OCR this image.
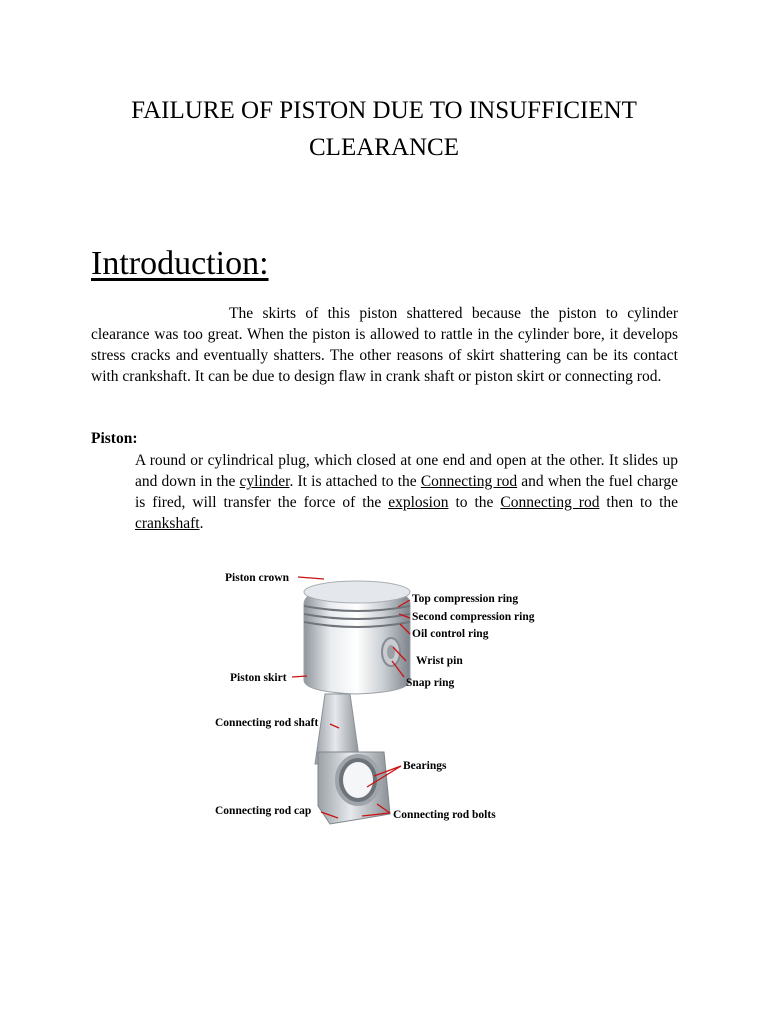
FAILURE OF PISTON DUE TO INSUFFICIENT
CLEARANCE
Introduction:

The skirts of this piston shattered because the piston to cylinder clearance was too great. When the piston is allowed to rattle in the cylinder bore, it develops stress cracks and eventually shatters. The other reasons of skirt shattering can be its contact with crankshaft. It can be due to design flaw in crank shaft or piston skirt or connecting rod.

Piston:

A round or cylindrical plug, which closed at one end and open at the other. It slides up and down in the cylinder. It is attached to the Connecting rod and when the fuel charge is fired, will transfer the force of the explosion to the Connecting rod then to the crankshaft.

Piston crown
Top compression ring
Second compression ring
Oil control ring
Wrist pin
Piston skirt	Snap ring
Connecting rod shaft
Bearings
Connecting rod cap	Connecting rod bolts
